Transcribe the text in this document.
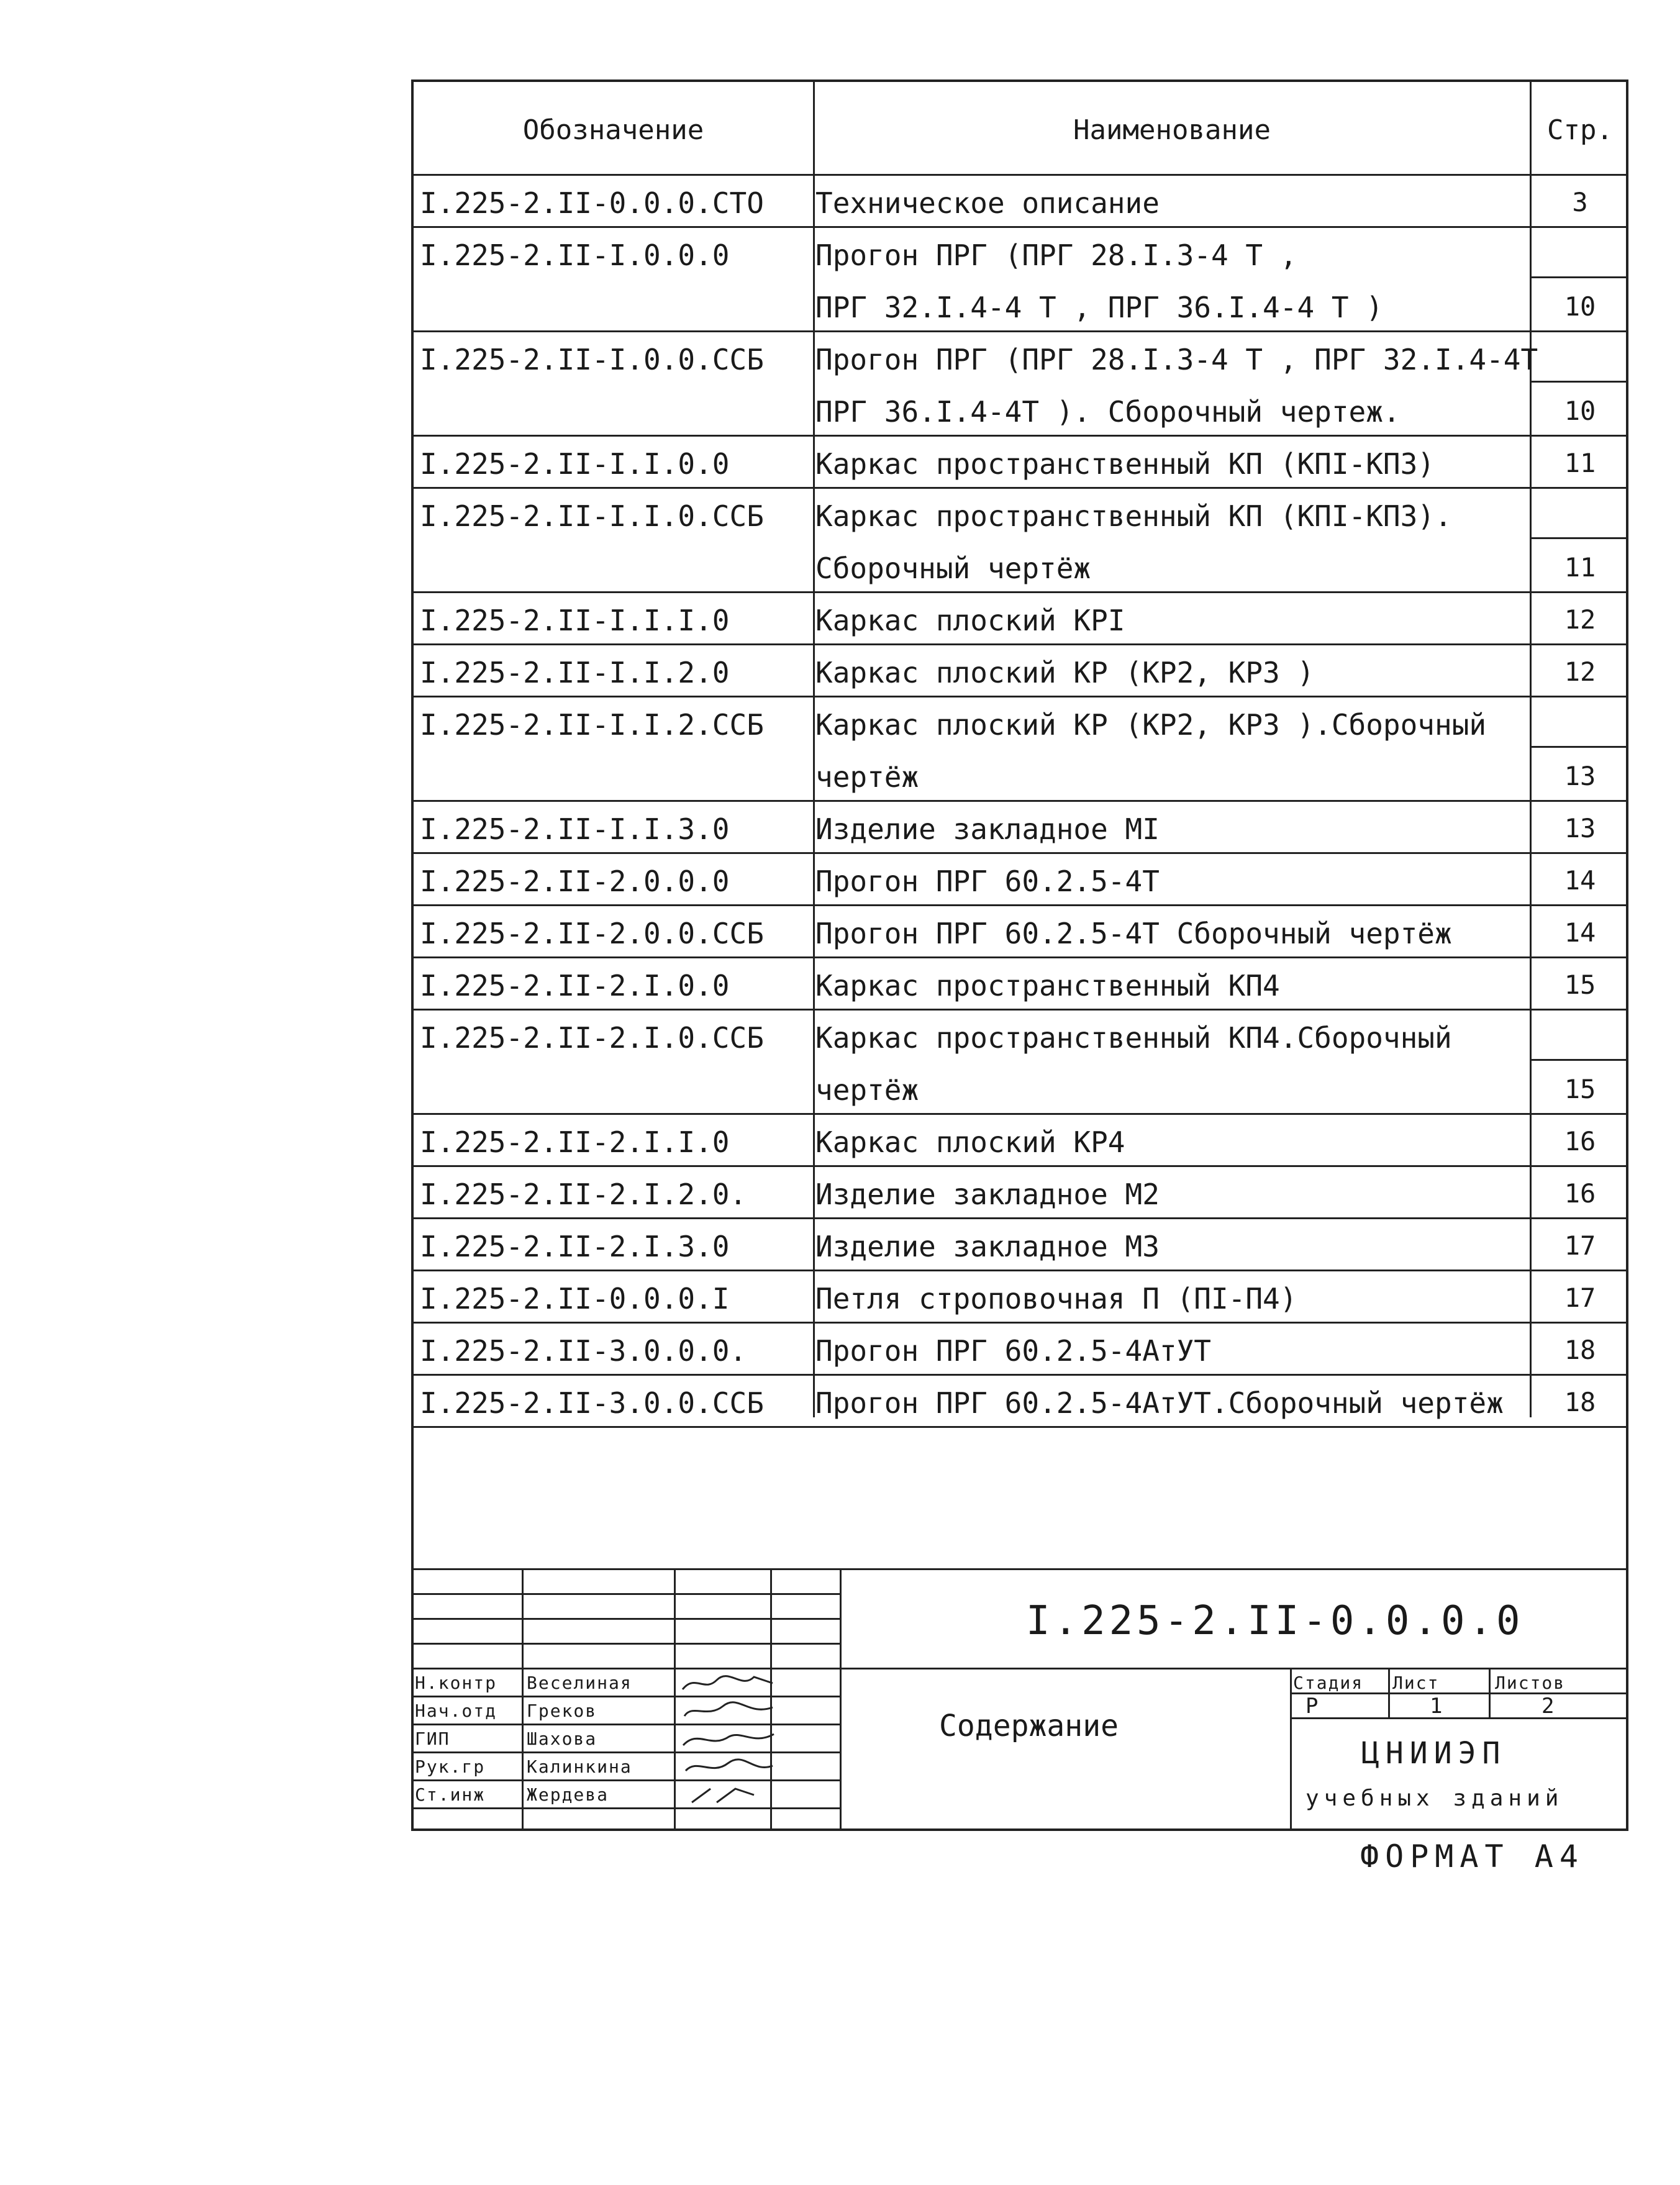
Обозначение	Наименование	Стр.
I.225-2.II-0.0.0.СТО Техническое описание	3
I.225-2.II-I.0.0.0	Прогон ПРГ (ПРГ 28.I.3-4 Т ,
ПРГ 32.I.4-4 Т , ПРГ 36.I.4-4 Т )	10
I.225-2.II-I.0.0.ССБ Прогон ПРГ (ПРГ 28.I.3-4 Т , ПРГ 32.I.4-4Т
ПРГ 36.I.4-4Т ). Сборочный чертеж.	10
I.225-2.II-I.I.0.0	Каркас пространственный КП (КПI-КП3)	11
I.225-2.II-I.I.0.ССБ Каркас пространственный КП (КПI-КП3).
Сборочный чертёж	11
I.225-2.II-I.I.I.0	Каркас плоский КРI	12
I.225-2.II-I.I.2.0	Каркас плоский КР (КР2, КР3 )	12
I.225-2.II-I.I.2.ССБ Каркас плоский КР (КР2, КР3 ).Сборочный
чертёж	13
I.225-2.II-I.I.3.0	Изделие закладное МI	13
I.225-2.II-2.0.0.0	Прогон ПРГ 60.2.5-4Т	14
I.225-2.II-2.0.0.ССБ Прогон ПРГ 60.2.5-4Т Сборочный чертёж	14
I.225-2.II-2.I.0.0	Каркас пространственный КП4	15
I.225-2.II-2.I.0.ССБ Каркас пространственный КП4.Сборочный
чертёж	15
I.225-2.II-2.I.I.0	Каркас плоский КР4	16
I.225-2.II-2.I.2.0. Изделие закладное М2	16
I.225-2.II-2.I.3.0	Изделие закладное М3	17
I.225-2.II-0.0.0.I	Петля строповочная П (ПI-П4)	17
I.225-2.II-3.0.0.0. Прогон ПРГ 60.2.5-4АтУТ	18
I.225-2.II-3.0.0.ССБ Прогон ПРГ 60.2.5-4АтУТ.Сборочный чертёж	18
Н.контр Веселиная
Нач.отд Греков
ГИП	Шахова
Рук.гр Калинкина
Ст.инж Жердева
I.225-2.II-0.0.0.0
Содержание
Стадия Лист	Листов
Р	1	2
ЦНИИЭП
учебных зданий
ФОРМАТ А4
